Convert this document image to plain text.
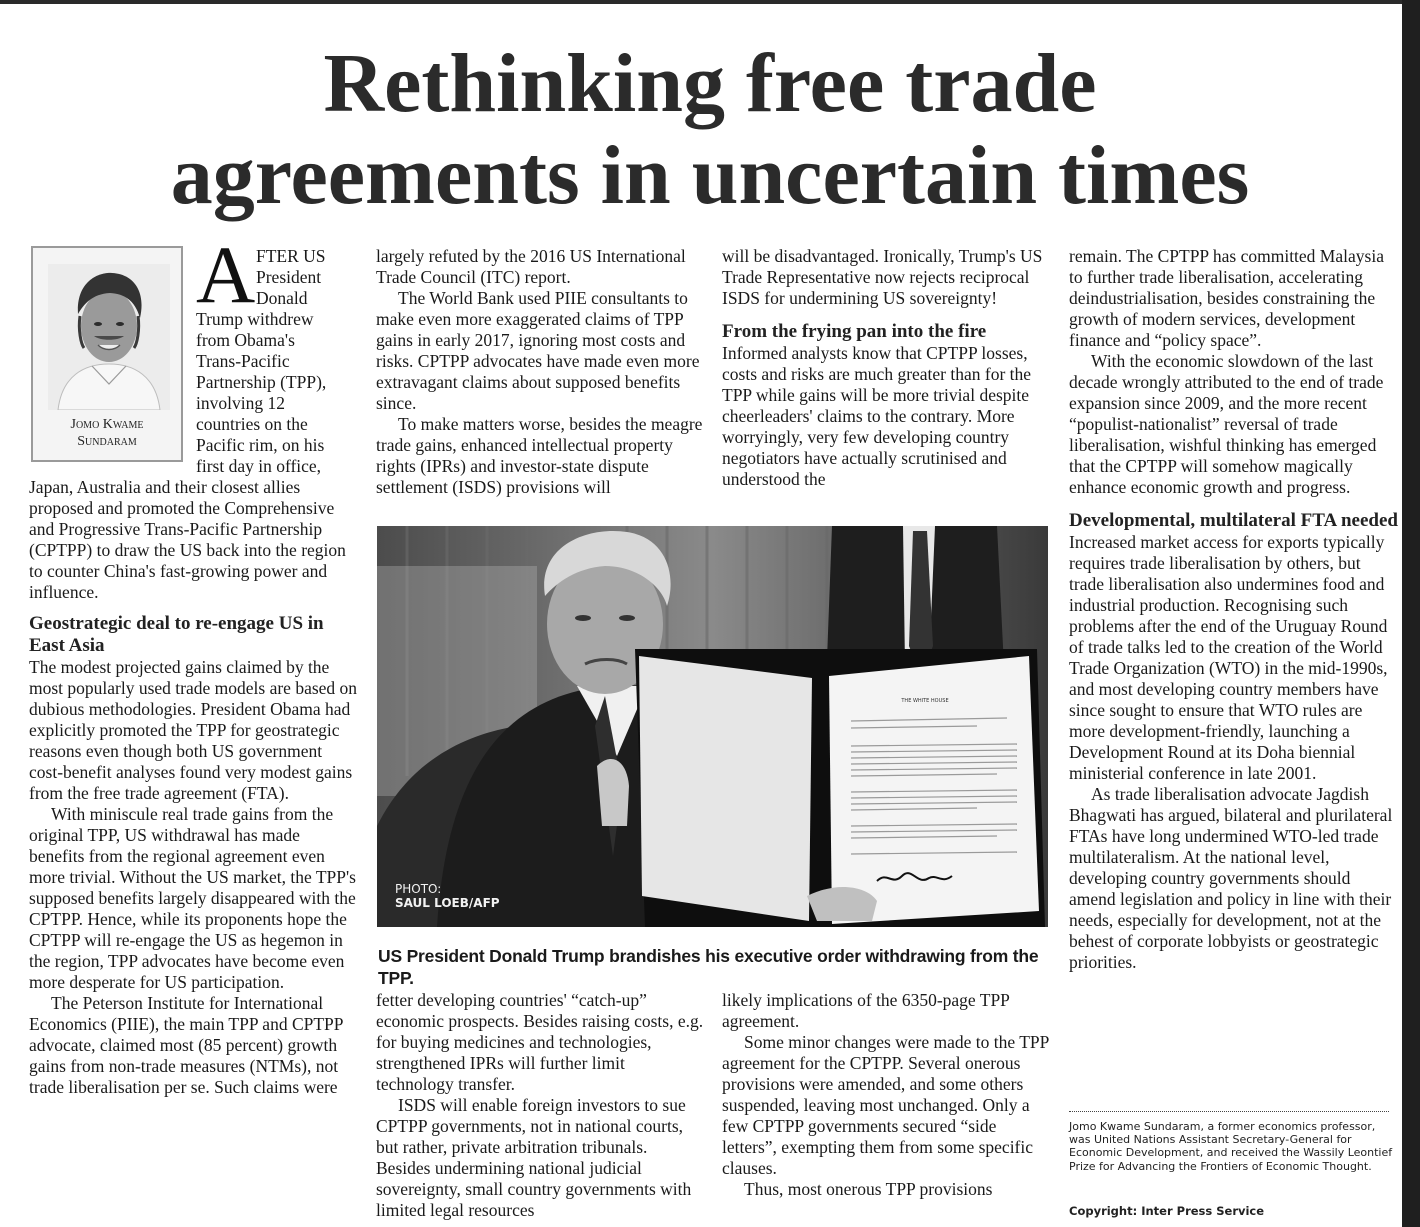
Rethinking free trade
agreements in uncertain times
Jomo Kwame
Sundaram
A FTER US
President
Donald
Trump withdrew
from Obama's
Trans-Pacific
Partnership (TPP),
involving 12
countries on the
Pacific rim, on his
first day in office,

Japan, Australia and their closest allies proposed and promoted the Comprehensive and Progressive Trans-Pacific Partnership (CPTPP) to draw the US back into the region to counter China's fast-growing power and influence.

Geostrategic deal to re-engage US in East Asia

The modest projected gains claimed by the most popularly used trade models are based on dubious methodologies. President Obama had explicitly promoted the TPP for geostrategic reasons even though both US government cost-benefit analyses found very modest gains from the free trade agreement (FTA).

With miniscule real trade gains from the original TPP, US withdrawal has made benefits from the regional agreement even more trivial. Without the US market, the TPP's supposed benefits largely disappeared with the CPTPP. Hence, while its proponents hope the CPTPP will re-engage the US as hegemon in the region, TPP advocates have become even more desperate for US participation.

The Peterson Institute for International Economics (PIIE), the main TPP and CPTPP advocate, claimed most (85 percent) growth gains from non-trade measures (NTMs), not trade liberalisation per se. Such claims were

largely refuted by the 2016 US International Trade Council (ITC) report.

The World Bank used PIIE consultants to make even more exaggerated claims of TPP gains in early 2017, ignoring most costs and risks. CPTPP advocates have made even more extravagant claims about supposed benefits since.

To make matters worse, besides the meagre trade gains, enhanced intellectual property rights (IPRs) and investor-state dispute settlement (ISDS) provisions will

will be disadvantaged. Ironically, Trump's US Trade Representative now rejects reciprocal ISDS for undermining US sovereignty!

From the frying pan into the fire

Informed analysts know that CPTPP losses, costs and risks are much greater than for the TPP while gains will be more trivial despite cheerleaders' claims to the contrary. More worryingly, very few developing country negotiators have actually scrutinised and understood the

THE WHITE HOUSE
PHOTO:
SAUL LOEB/AFP
US President Donald Trump brandishes his executive order withdrawing from the TPP.

fetter developing countries' “catch-up” economic prospects. Besides raising costs, e.g. for buying medicines and technologies, strengthened IPRs will further limit technology transfer.

ISDS will enable foreign investors to sue CPTPP governments, not in national courts, but rather, private arbitration tribunals. Besides undermining national judicial sovereignty, small country governments with limited legal resources

likely implications of the 6350-page TPP agreement.

Some minor changes were made to the TPP agreement for the CPTPP. Several onerous provisions were amended, and some others suspended, leaving most unchanged. Only a few CPTPP governments secured “side letters”, exempting them from some specific clauses.

Thus, most onerous TPP provisions

remain. The CPTPP has committed Malaysia to further trade liberalisation, accelerating deindustrialisation, besides constraining the growth of modern services, development finance and “policy space”.

With the economic slowdown of the last decade wrongly attributed to the end of trade expansion since 2009, and the more recent “populist-nationalist” reversal of trade liberalisation, wishful thinking has emerged that the CPTPP will somehow magically enhance economic growth and progress.

Developmental, multilateral FTA needed

Increased market access for exports typically requires trade liberalisation by others, but trade liberalisation also undermines food and industrial production. Recognising such problems after the end of the Uruguay Round of trade talks led to the creation of the World Trade Organization (WTO) in the mid-1990s, and most developing country members have since sought to ensure that WTO rules are more development-friendly, launching a Development Round at its Doha biennial ministerial conference in late 2001.

As trade liberalisation advocate Jagdish Bhagwati has argued, bilateral and plurilateral FTAs have long undermined WTO-led trade multilateralism. At the national level, developing country governments should amend legislation and policy in line with their needs, especially for development, not at the behest of corporate lobbyists or geostrategic priorities.

Jomo Kwame Sundaram, a former economics professor, was United Nations Assistant Secretary-General for Economic Development, and received the Wassily Leontief Prize for Advancing the Frontiers of Economic Thought.
Copyright: Inter Press Service
